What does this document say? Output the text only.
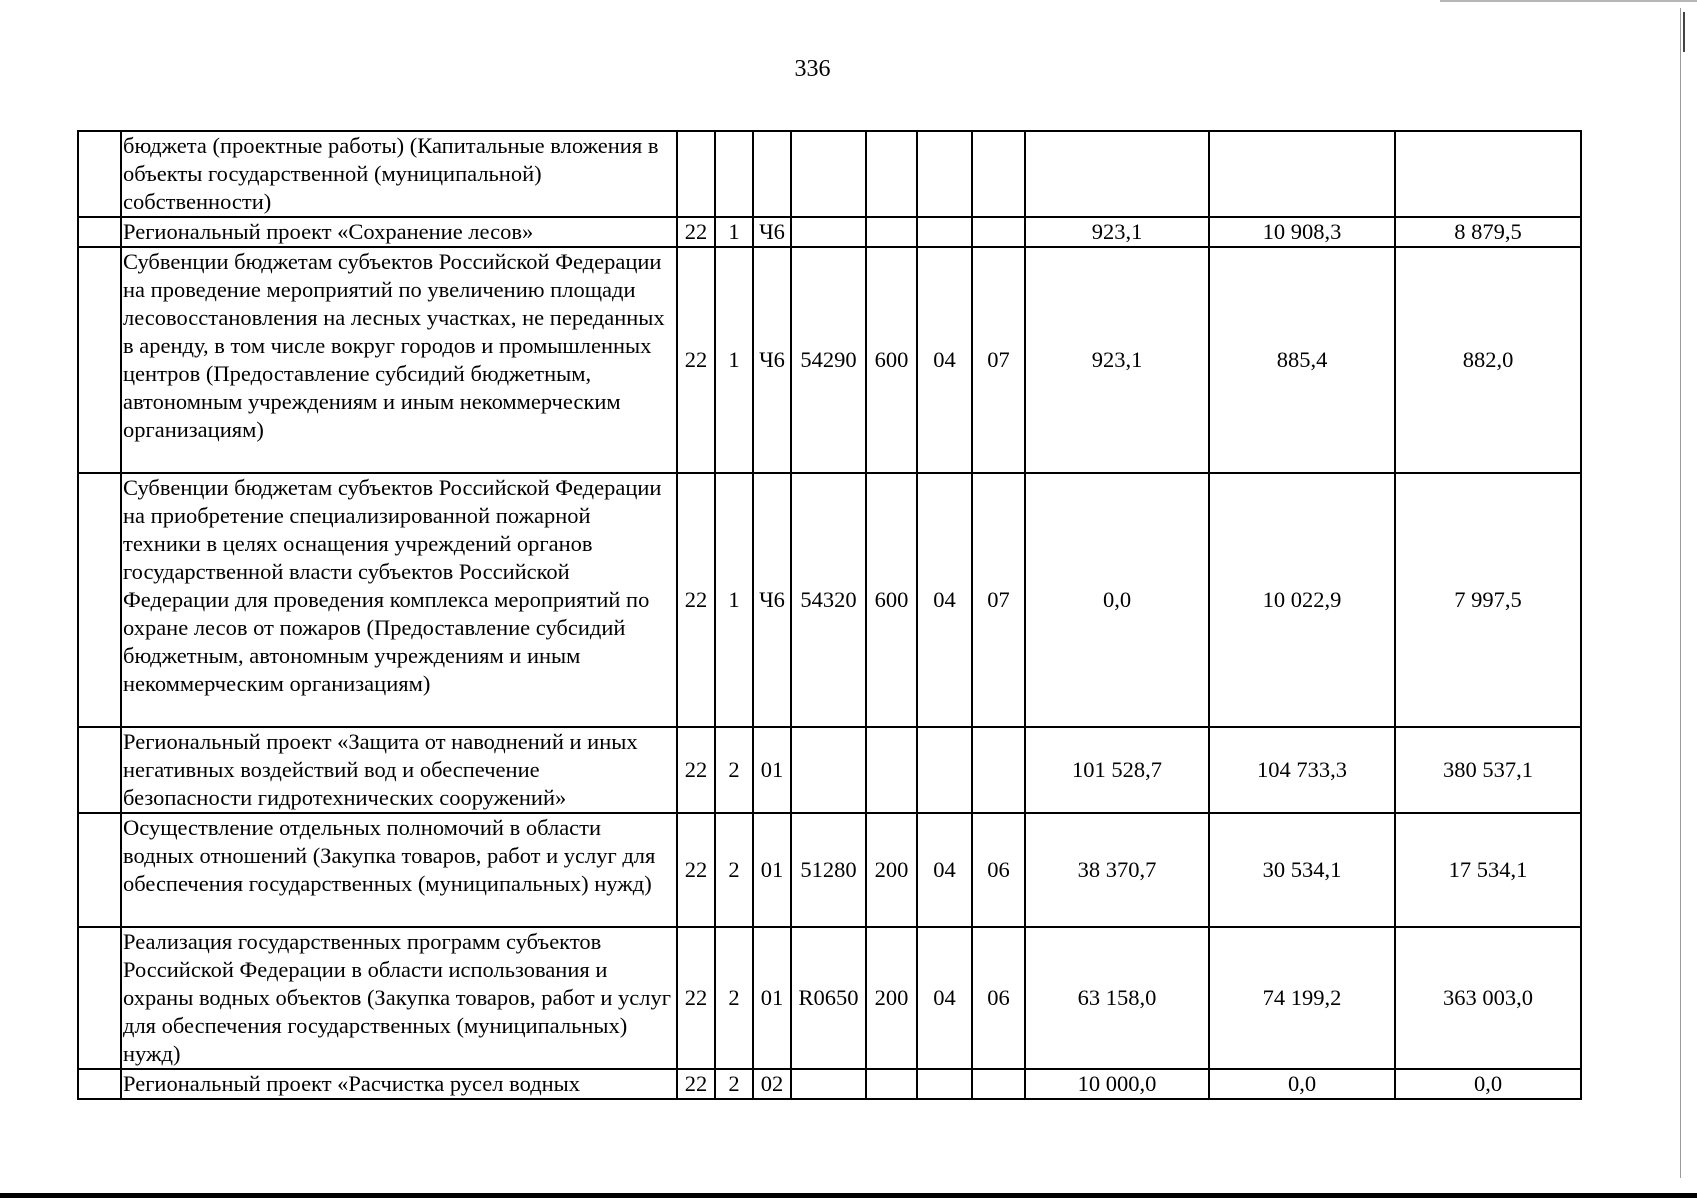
336
	бюджета (проектные работы) (Капитальные вложения в объекты государственной (муниципальной) собственности)										
	Региональный проект «Сохранение лесов»	22	1	Ч6					923,1	10 908,3	8 879,5
	Субвенции бюджетам субъектов Российской Федерации на проведение мероприятий по увеличению площади лесовосстановления на лесных участках, не переданных в аренду, в том числе вокруг городов и промышленных центров (Предоставление субсидий бюджетным, автономным учреждениям и иным некоммерческим организациям)	22	1	Ч6	54290	600	04	07	923,1	885,4	882,0
	Субвенции бюджетам субъектов Российской Федерации на приобретение специализированной пожарной техники в целях оснащения учреждений органов государственной власти субъектов Российской Федерации для проведения комплекса мероприятий по охране лесов от пожаров (Предоставление субсидий бюджетным, автономным учреждениям и иным некоммерческим организациям)	22	1	Ч6	54320	600	04	07	0,0	10 022,9	7 997,5
	Региональный проект «Защита от наводнений и иных негативных воздействий вод и обеспечение безопасности гидротехнических сооружений»	22	2	01					101 528,7	104 733,3	380 537,1
	Осуществление отдельных полномочий в области водных отношений (Закупка товаров, работ и услуг для обеспечения государственных (муниципальных) нужд)	22	2	01	51280	200	04	06	38 370,7	30 534,1	17 534,1
	Реализация государственных программ субъектов Российской Федерации в области использования и охраны водных объектов (Закупка товаров, работ и услуг для обеспечения государственных (муниципальных) нужд)	22	2	01	R0650	200	04	06	63 158,0	74 199,2	363 003,0
	Региональный проект «Расчистка русел водных	22	2	02					10 000,0	0,0	0,0
